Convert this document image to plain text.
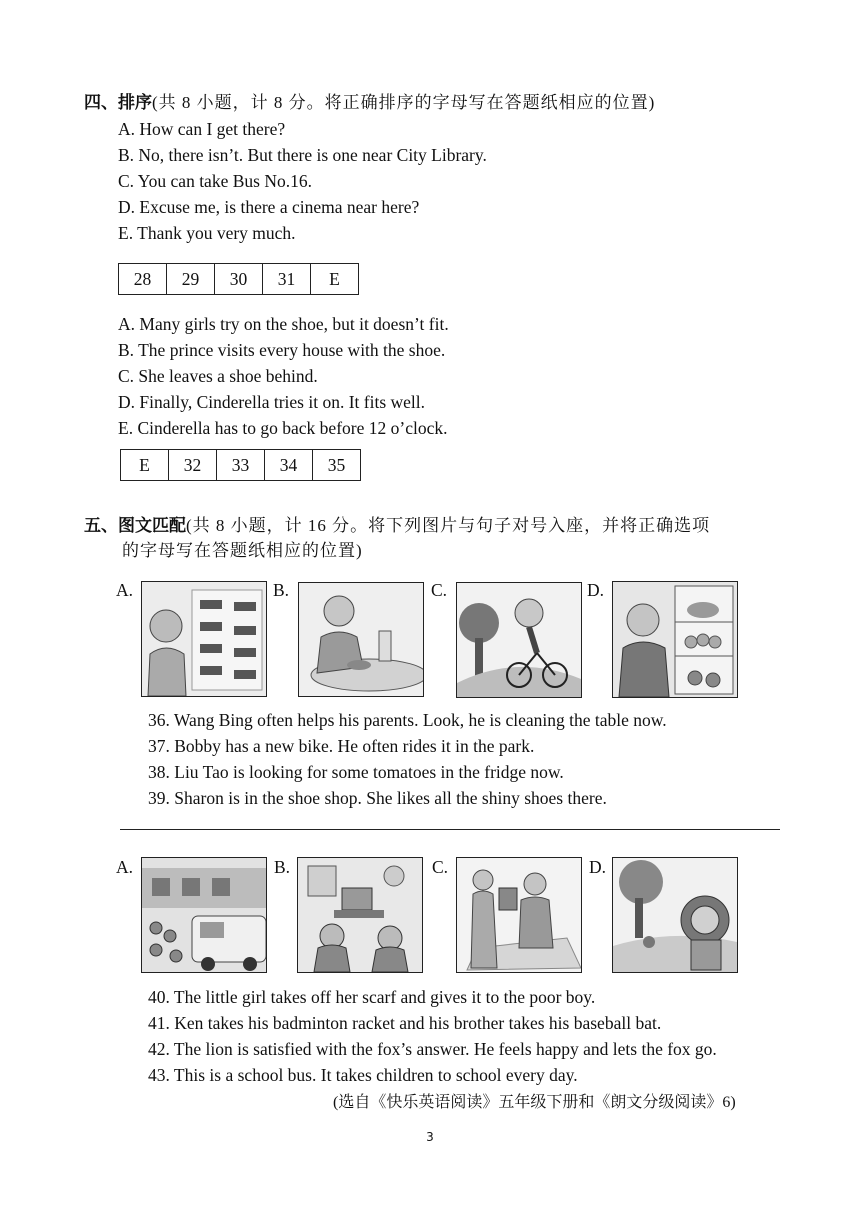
四、排序(共 8 小题，计 8 分。将正确排序的字母写在答题纸相应的位置)
A. How can I get there?
B. No, there isn’t. But there is one near City Library.
C. You can take Bus No.16.
D. Excuse me, is there a cinema near here?
E. Thank you very much.
28	29	30	31	E
A. Many girls try on the shoe, but it doesn’t fit.
B. The prince visits every house with the shoe.
C. She leaves a shoe behind.
D. Finally, Cinderella tries it on. It fits well.
E. Cinderella has to go back before 12 o’clock.
E	32	33	34	35
五、图文匹配(共 8 小题，计 16 分。将下列图片与句子对号入座，并将正确选项
的字母写在答题纸相应的位置)
A.	B.	C.	D.
36. Wang Bing often helps his parents. Look, he is cleaning the table now.
37. Bobby has a new bike. He often rides it in the park.
38. Liu Tao is looking for some tomatoes in the fridge now.
39. Sharon is in the shoe shop. She likes all the shiny shoes there.
A.	B.	C.	D.
40. The little girl takes off her scarf and gives it to the poor boy.
41. Ken takes his badminton racket and his brother takes his baseball bat.
42. The lion is satisfied with the fox’s answer. He feels happy and lets the fox go.
43. This is a school bus. It takes children to school every day.
(选自《快乐英语阅读》五年级下册和《朗文分级阅读》6)
3
